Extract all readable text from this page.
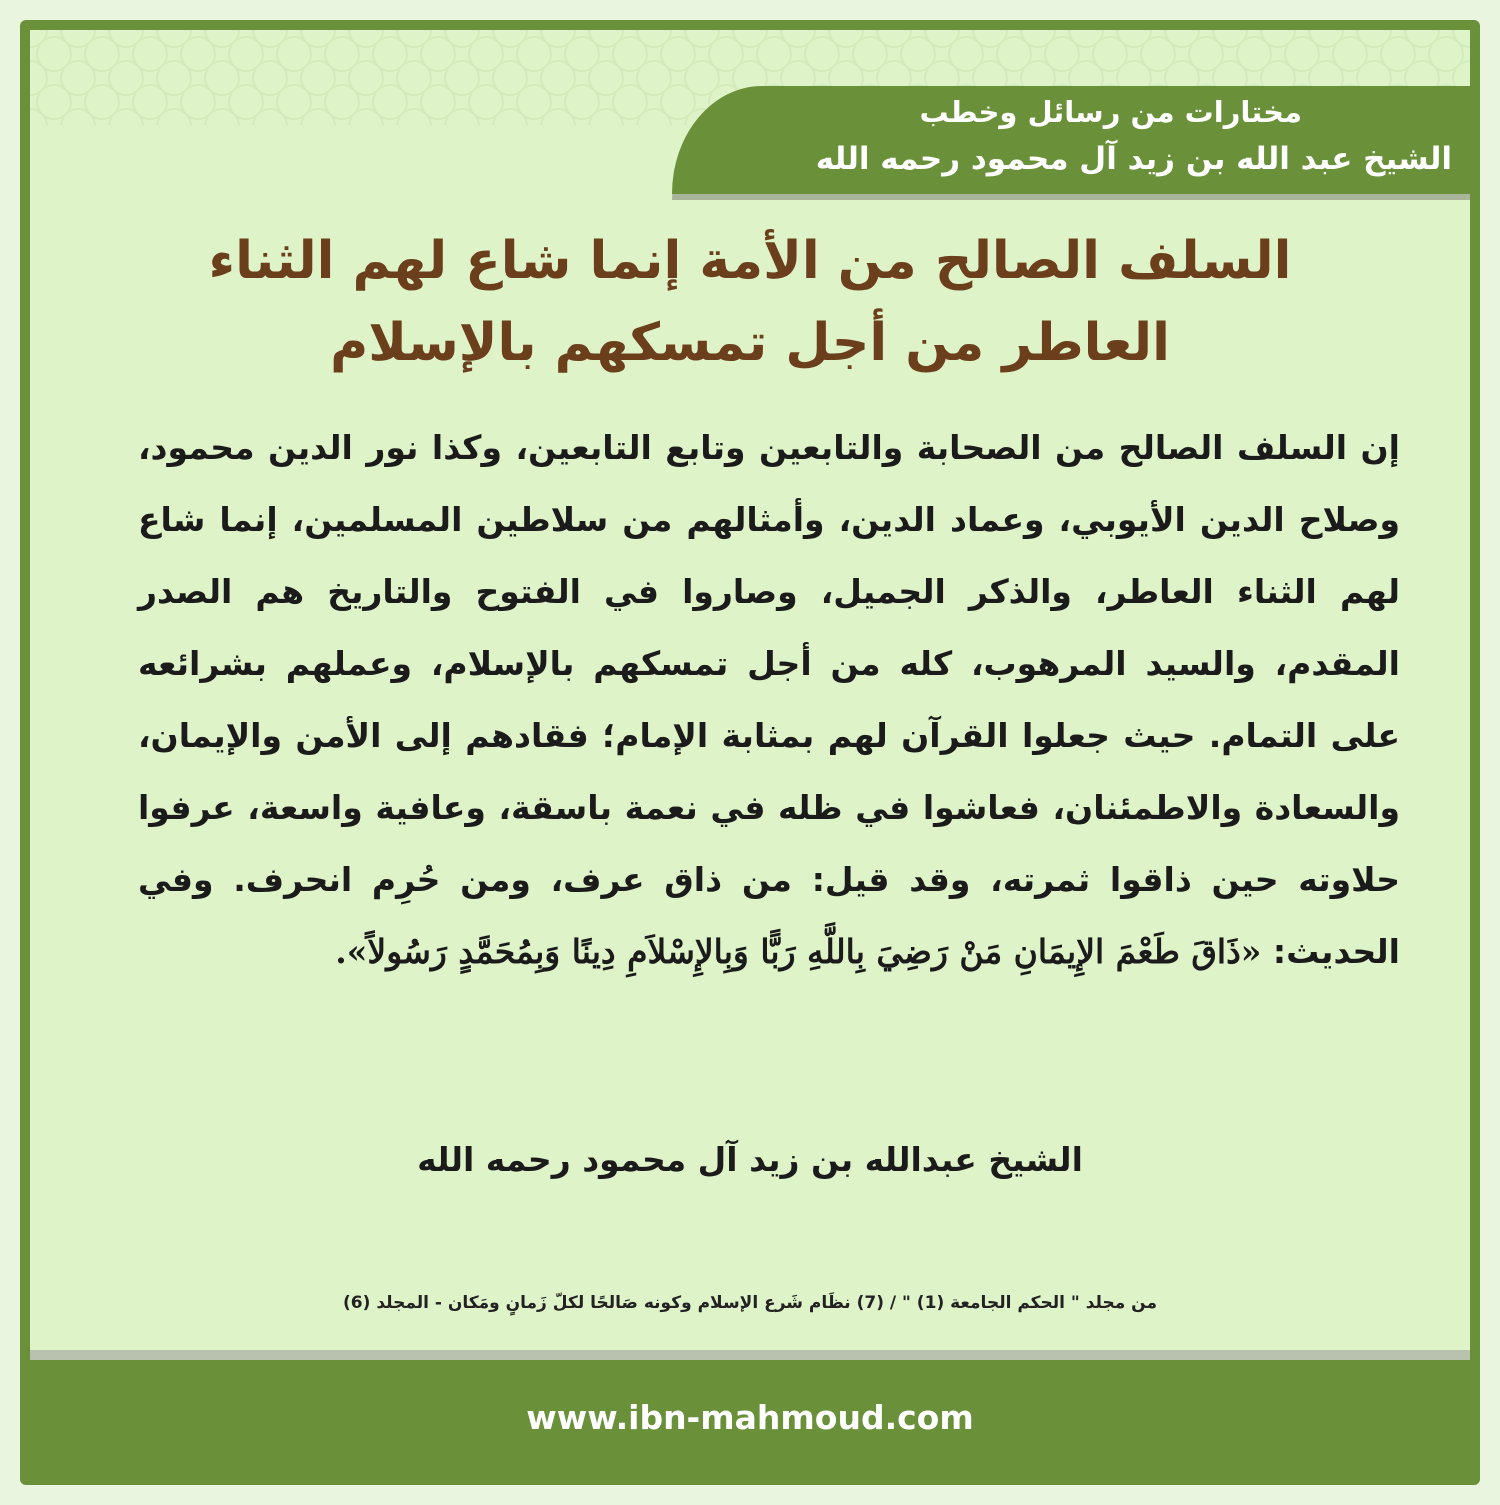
مختارات من رسائل وخطب
الشيخ عبد الله بن زيد آل محمود رحمه الله
السلف الصالح من الأمة إنما شاع لهم الثناء
العاطر من أجل تمسكهم بالإسلام
إن السلف الصالح من الصحابة والتابعين وتابع التابعين، وكذا نور الدين محمود، وصلاح الدين الأيوبي، وعماد الدين، وأمثالهم من سلاطين المسلمين، إنما شاع لهم الثناء العاطر، والذكر الجميل، وصاروا في الفتوح والتاريخ هم الصدر المقدم، والسيد المرهوب، كله من أجل تمسكهم بالإسلام، وعملهم بشرائعه على التمام. حيث جعلوا القرآن لهم بمثابة الإمام؛ فقادهم إلى الأمن والإيمان، والسعادة والاطمئنان، فعاشوا في ظله في نعمة باسقة، وعافية واسعة، عرفوا حلاوته حين ذاقوا ثمرته، وقد قيل: من ذاق عرف، ومن حُرِم انحرف. وفي الحديث: «ذَاقَ طَعْمَ الإِيمَانِ مَنْ رَضِيَ بِاللَّهِ رَبًّا وَبِالإِسْلاَمِ دِينًا وَبِمُحَمَّدٍ رَسُولاً».
الشيخ عبدالله بن زيد آل محمود رحمه الله
من مجلد " الحكم الجامعة (1) " / (7) نظَام شَرع الإسلام وكونه صَالحًا لكلّ زَمانٍ ومَكان - المجلد (6)
www.ibn-mahmoud.com
